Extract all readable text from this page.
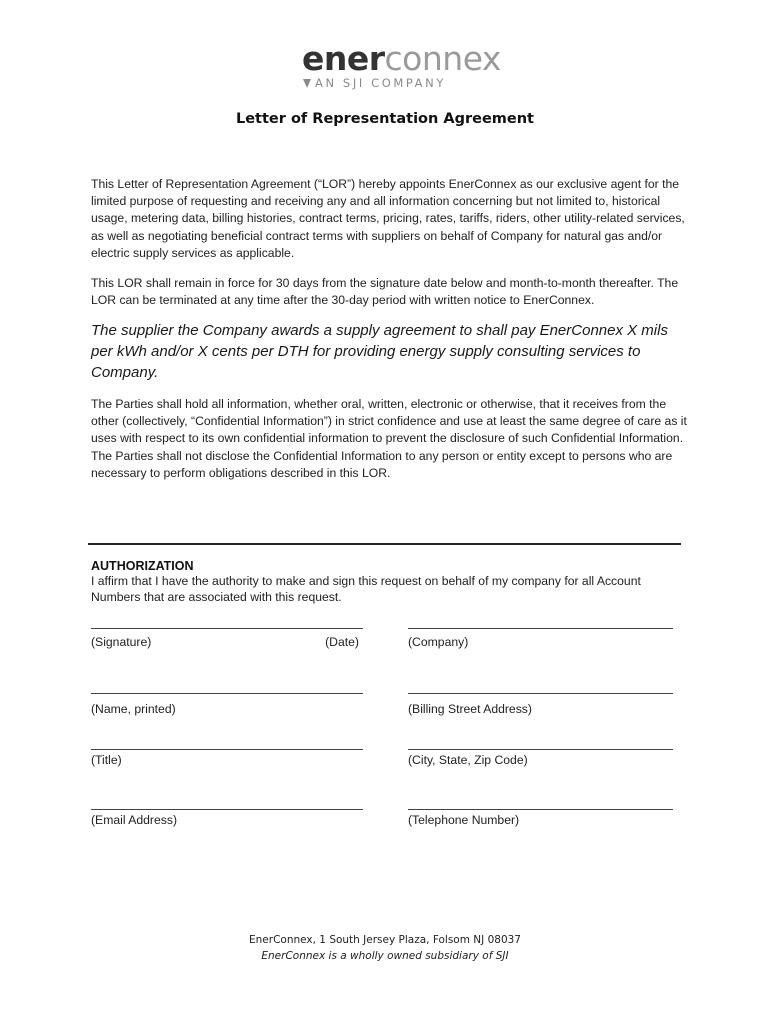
enerconnex
AN SJI COMPANY
Letter of Representation Agreement

This Letter of Representation Agreement (“LOR”) hereby appoints EnerConnex as our exclusive agent for the limited purpose of requesting and receiving any and all information concerning but not limited to, historical usage, metering data, billing histories, contract terms, pricing, rates, tariffs, riders, other utility-related services, as well as negotiating beneficial contract terms with suppliers on behalf of Company for natural gas and/or electric supply services as applicable.

This LOR shall remain in force for 30 days from the signature date below and month-to-month thereafter. The LOR can be terminated at any time after the 30-day period with written notice to EnerConnex.

The supplier the Company awards a supply agreement to shall pay EnerConnex X mils per kWh and/or X cents per DTH for providing energy supply consulting services to Company.

The Parties shall hold all information, whether oral, written, electronic or otherwise, that it receives from the other (collectively, “Confidential Information”) in strict confidence and use at least the same degree of care as it uses with respect to its own confidential information to prevent the disclosure of such Confidential Information. The Parties shall not disclose the Confidential Information to any person or entity except to persons who are necessary to perform obligations described in this LOR.

AUTHORIZATION
I affirm that I have the authority to make and sign this request on behalf of my company for all Account Numbers that are associated with this request.
(Signature)	(Date)	(Company)
(Name, printed)	(Billing Street Address)
(Title)	(City, State, Zip Code)
(Email Address)	(Telephone Number)
EnerConnex, 1 South Jersey Plaza, Folsom NJ 08037
EnerConnex is a wholly owned subsidiary of SJI
